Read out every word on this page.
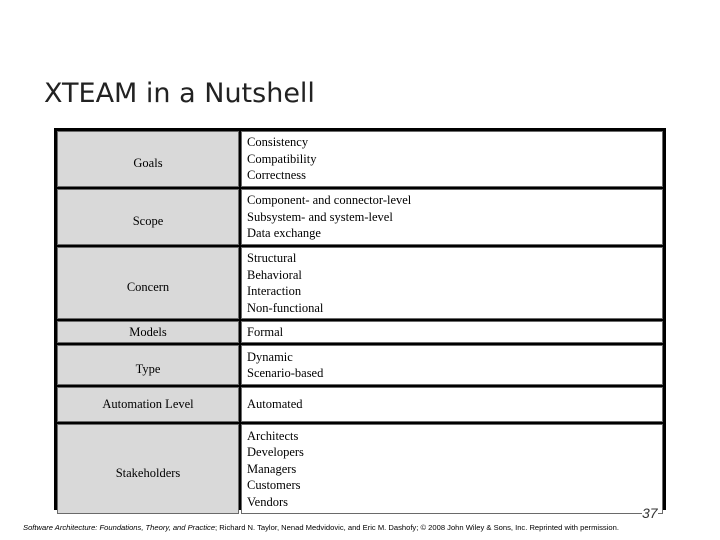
XTEAM in a Nutshell
Goals	Consistency
Compatibility
Correctness

Scope	Component- and connector-level
Subsystem- and system-level
Data exchange

Concern	Structural
Behavioral
Interaction
Non-functional

Models	Formal

Type	Dynamic
Scenario-based

Automation Level	Automated

Stakeholders	Architects
Developers
Managers
Customers
Vendors
37
Software Architecture: Foundations, Theory, and Practice; Richard N. Taylor, Nenad Medvidovic, and Eric M. Dashofy; © 2008 John Wiley & Sons, Inc. Reprinted with permission.
